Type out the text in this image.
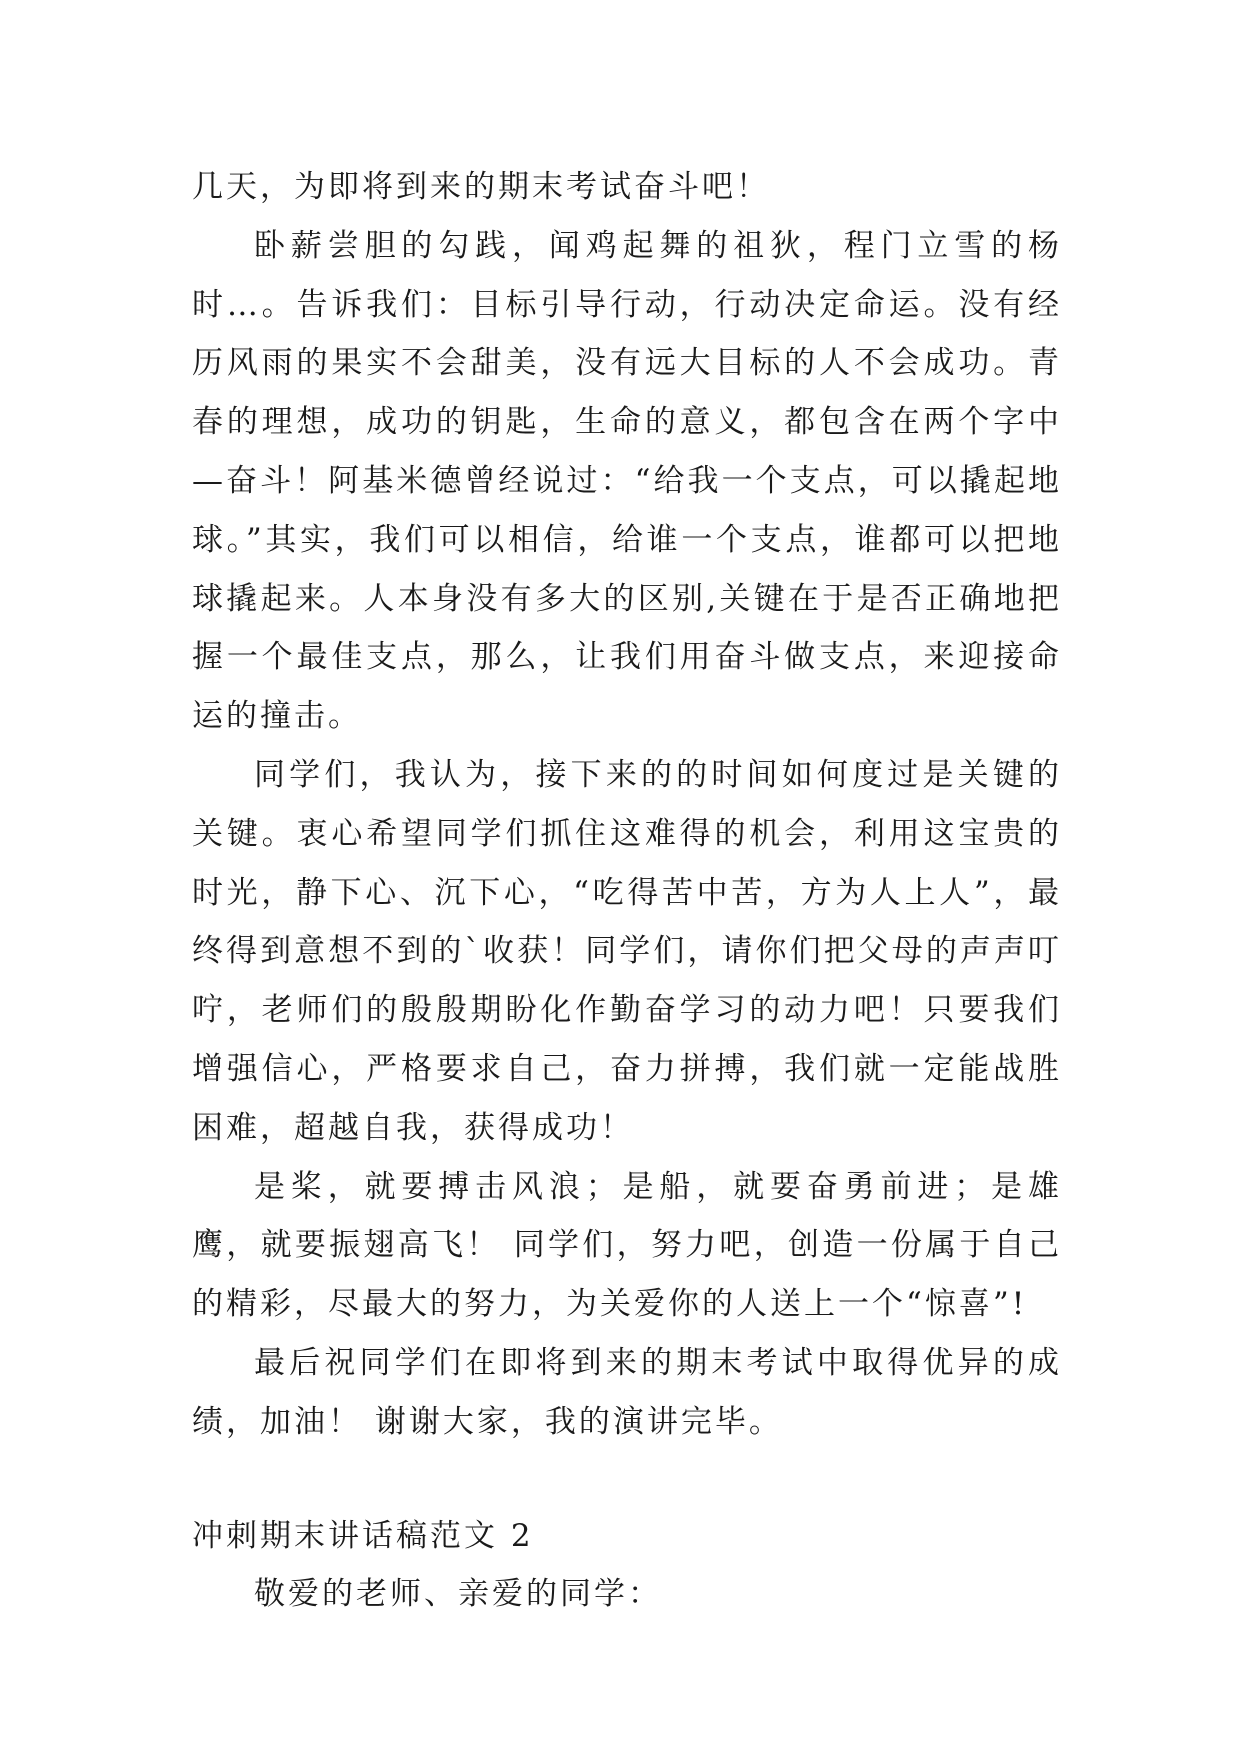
几天，为即将到来的期末考试奋斗吧！

卧薪尝胆的勾践，闻鸡起舞的祖狄，程门立雪的杨时…。告诉我们：目标引导行动，行动决定命运。没有经历风雨的果实不会甜美，没有远大目标的人不会成功。青春的理想，成功的钥匙，生命的意义，都包含在两个字中—奋斗！阿基米德曾经说过：“给我一个支点，可以撬起地球。”其实，我们可以相信，给谁一个支点，谁都可以把地球撬起来。人本身没有多大的区别,关键在于是否正确地把握一个最佳支点，那么，让我们用奋斗做支点，来迎接命运的撞击。

同学们，我认为，接下来的的时间如何度过是关键的关键。衷心希望同学们抓住这难得的机会，利用这宝贵的时光，静下心、沉下心，“吃得苦中苦，方为人上人”，最终得到意想不到的`收获！同学们，请你们把父母的声声叮咛，老师们的殷殷期盼化作勤奋学习的动力吧！只要我们增强信心，严格要求自己，奋力拼搏，我们就一定能战胜困难，超越自我，获得成功！

是桨，就要搏击风浪；是船，就要奋勇前进；是雄鹰，就要振翅高飞！ 同学们，努力吧，创造一份属于自己的精彩，尽最大的努力，为关爱你的人送上一个“惊喜”!

最后祝同学们在即将到来的期末考试中取得优异的成绩，加油！ 谢谢大家，我的演讲完毕。

冲刺期末讲话稿范文 2

敬爱的老师、亲爱的同学：
